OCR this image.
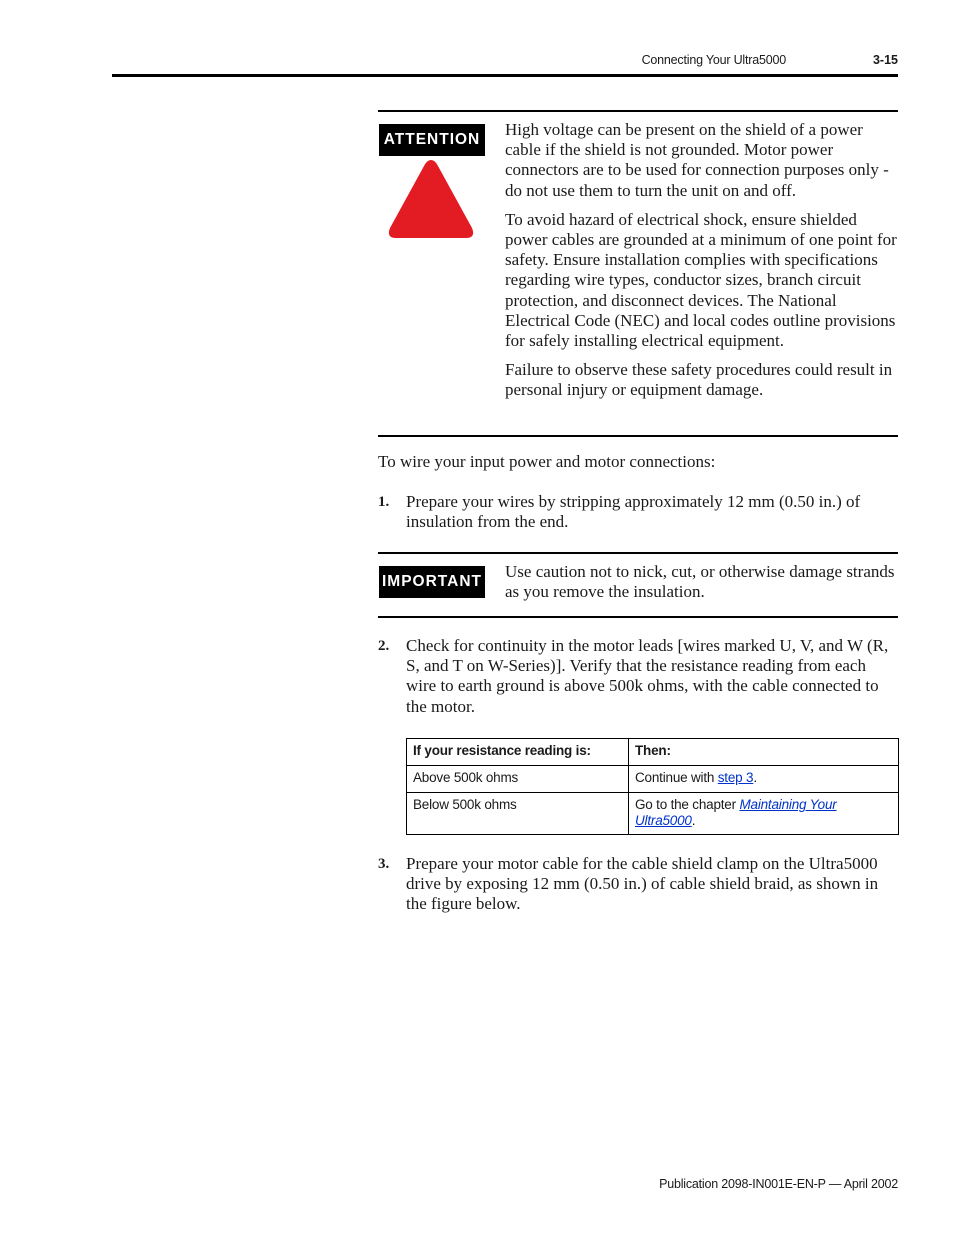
Connecting Your Ultra5000	3-15
ATTENTION

High voltage can be present on the shield of a power cable if the shield is not grounded. Motor power connectors are to be used for connection purposes only - do not use them to turn the unit on and off.

To avoid hazard of electrical shock, ensure shielded power cables are grounded at a minimum of one point for safety. Ensure installation complies with specifications regarding wire types, conductor sizes, branch circuit protection, and disconnect devices. The National Electrical Code (NEC) and local codes outline provisions for safely installing electrical equipment.

Failure to observe these safety procedures could result in personal injury or equipment damage.

To wire your input power and motor connections:
1. Prepare your wires by stripping approximately 12 mm (0.50 in.) of insulation from the end.
IMPORTANT
Use caution not to nick, cut, or otherwise damage strands as you remove the insulation.
2. Check for continuity in the motor leads [wires marked U, V, and W (R, S, and T on W-Series)]. Verify that the resistance reading from each wire to earth ground is above 500k ohms, with the cable connected to the motor.
If your resistance reading is:	Then:
Above 500k ohms	Continue with step 3.
Below 500k ohms	Go to the chapter Maintaining Your
Ultra5000.
3. Prepare your motor cable for the cable shield clamp on the Ultra5000 drive by exposing 12 mm (0.50 in.) of cable shield braid, as shown in the figure below.
Publication 2098-IN001E-EN-P — April 2002
